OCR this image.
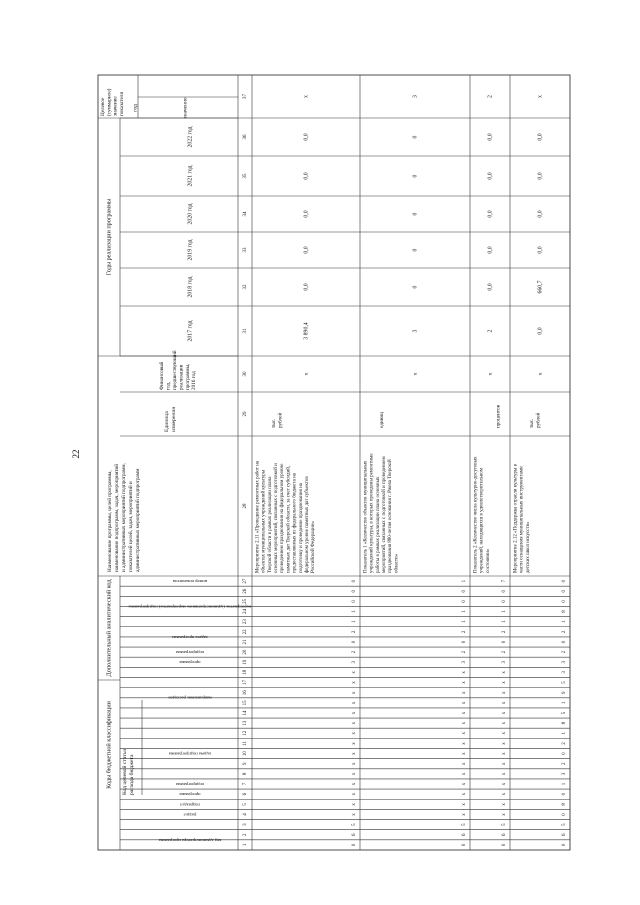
22
Коды бюджетной классификации
Дополнительный аналитический код
Код целевой статьи расхода бюджета
Годы реализации программы
Целевое (суммарное) значение показателя год	значение
Наименование программы, целей программы, наименование подпрограмм, задач, мероприятий и административных мероприятий подпрограмм, показателей целей, задач, мероприятий и административных мероприятий подпрограмм
Единица измерения
Финансовый год, предшествующий реализации программы, 2016 год
код администратора программы
раздел
подраздел
программа
подпрограмма
задача подпрограммы
направление расходов
программа
подпрограмма
задача программы
мероприятие (административное мероприятие) подпрограммы
номер показателя
2017 год
2018 год
2019 год
2020 год
2021 год
2022 год
1
2
3
4
5
6
7
8
9
10
11
12
13
14
15
16
17
18
19
20
21
22
23
24
25
26
27
28
29
30
31
32
33
34
35
36
37
0
6
5
х
х
х
х
х
х
х
х
х
х
х
х
х
х
х
3
2
0
2
1
1
0
0
0
Мероприятие 2.11 «Проведение ремонтных работ на объектах муниципальных учреждений культуры Тверской области в рамках реализации плана основных мероприятий, связанных с подготовкой и проведением празднования на федеральном уровне памятных дат Тверской области, за счет субсидий, предоставляемых из федерального бюджета на подготовку и проведение празднования на федеральном уровне памятных дат субъектов Российской Федерации»
тыс. рублей
х
3 890,4
0,0
0,0
0,0
0,0
0,0
х
0
6
5
х
х
х
х
х
х
х
х
х
х
х
х
х
х
х
3
2
0
2
1
1
0
0
1
Показатель 1 «Количество объектов муниципальных учреждений культуры, в которых проведены ремонтные работы в рамках реализации плана основных мероприятий, связанных с подготовкой и проведением празднования 880-летия основания г. Ржева Тверской области»
единиц
х
3
0
0
0
0
0
3
0
6
5
х
х
х
х
х
х
х
х
х
х
х
х
х
х
х
3
2
0
2
1
1
0
0
7
Показатель 2 «Количество числа культурно-досуговых учреждений, находящихся в удовлетворительном состоянии»
процентов
х
2
0,0
0,0
0,0
0,0
0,0
2
0
6
5
0
8
0
1
3
2
0
2
1
8
5
1
9
5
3
3
2
0
2
1
8
0
0
0
Мероприятие 2.12 «Поддержка отрасли культуры в части оснащения муниципальных инструментами детских школ искусств»
тыс. рублей
х
0,0
660,7
0,0
0,0
0,0
0,0
х
